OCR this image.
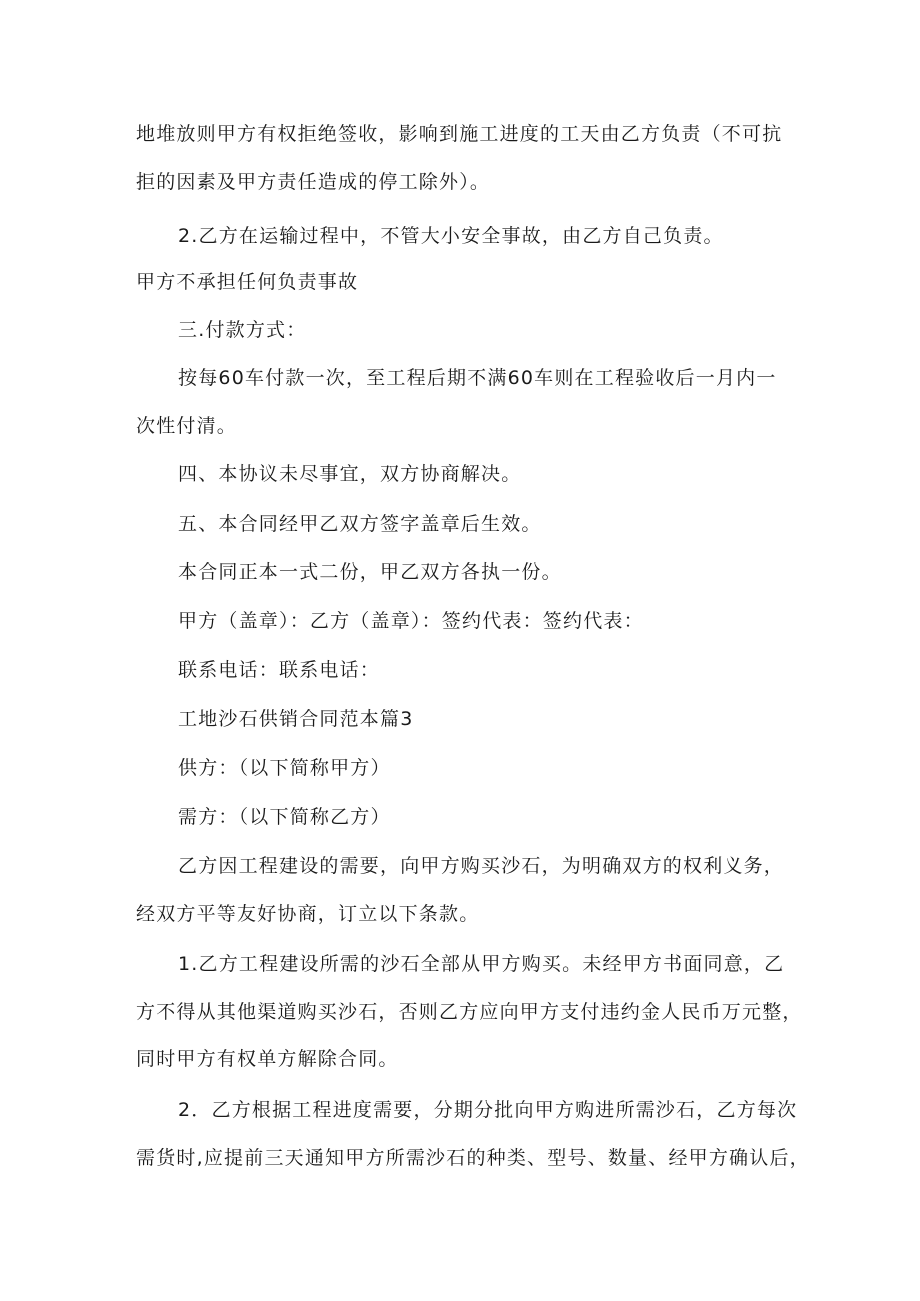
地堆放则甲方有权拒绝签收，影响到施工进度的工天由乙方负责（不可抗
拒的因素及甲方责任造成的停工除外）。
2.乙方在运输过程中，不管大小安全事故，由乙方自己负责。
甲方不承担任何负责事故
三.付款方式：
按每60车付款一次，至工程后期不满60车则在工程验收后一月内一
次性付清。
四、本协议未尽事宜，双方协商解决。
五、本合同经甲乙双方签字盖章后生效。
本合同正本一式二份，甲乙双方各执一份。
甲方（盖章）：乙方（盖章）：签约代表：签约代表：
联系电话：联系电话：
工地沙石供销合同范本篇3
供方：（以下简称甲方）
需方：（以下简称乙方）
乙方因工程建设的需要，向甲方购买沙石，为明确双方的权利义务，
经双方平等友好协商，订立以下条款。
1.乙方工程建设所需的沙石全部从甲方购买。未经甲方书面同意，乙
方不得从其他渠道购买沙石，否则乙方应向甲方支付违约金人民币万元整，
同时甲方有权单方解除合同。
2．乙方根据工程进度需要，分期分批向甲方购进所需沙石，乙方每次
需货时,应提前三天通知甲方所需沙石的种类、型号、数量、经甲方确认后，
